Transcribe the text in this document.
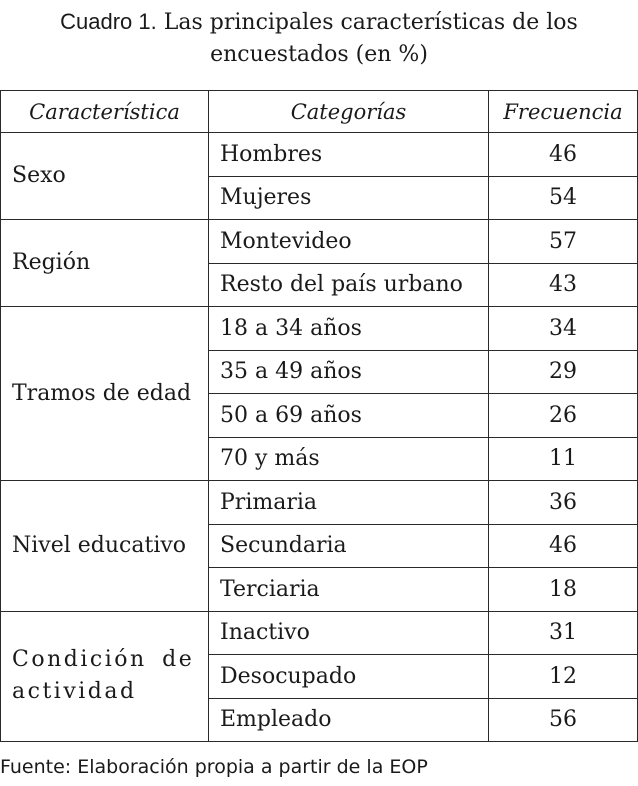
Cuadro 1. Las principales características de los encuestados (en %)
Característica	Categorías	Frecuencia
Sexo	Hombres	46
	Mujeres	54
Región	Montevideo	57
	Resto del país urbano	43
Tramos de edad	18 a 34 años	34
	35 a 49 años	29
	50 a 69 años	26
	70 y más	11
Nivel educativo	Primaria	36
	Secundaria	46
	Terciaria	18
Condición de actividad	Inactivo	31
	Desocupado	12
	Empleado	56
Fuente: Elaboración propia a partir de la EOP
